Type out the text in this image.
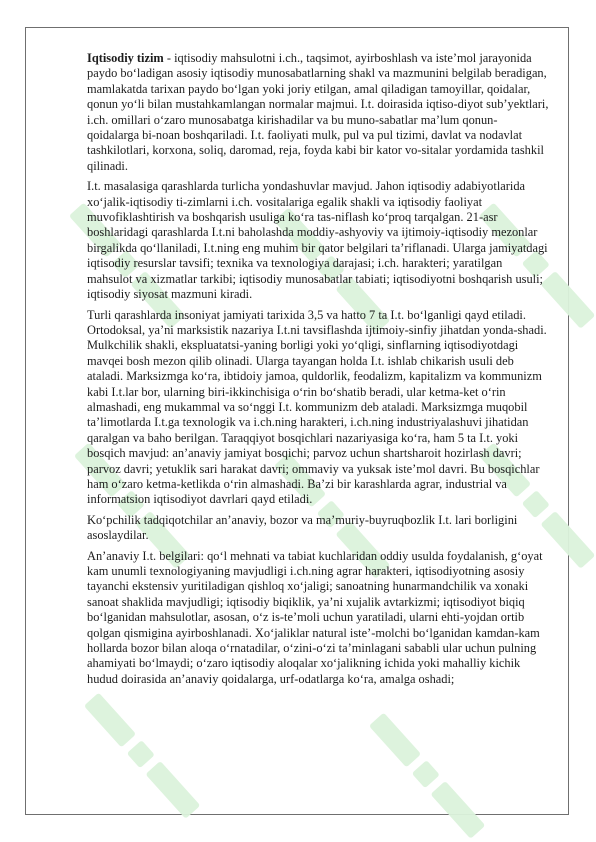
Iqtisodiy tizim - iqtisodiy mahsulotni i.ch., taqsimot, ayirboshlash va iste’mol jarayonida paydo bo‘ladigan asosiy iqtisodiy munosabatlarning shakl va mazmunini belgilab beradigan, mamlakatda tarixan paydo bo‘lgan yoki joriy etilgan, amal qiladigan tamoyillar, qoidalar, qonun yo‘li bilan mustahkamlangan normalar majmui. I.t. doirasida iqtiso-diyot sub’yektlari, i.ch. omillari o‘zaro munosabatga kirishadilar va bu muno-sabatlar ma’lum qonun-qoidalarga bi-noan boshqariladi. I.t. faoliyati mulk, pul va pul tizimi, davlat va nodavlat tashkilotlari, korxona, soliq, daromad, reja, foyda kabi bir kator vo-sitalar yordamida tashkil qilinadi.

I.t. masalasiga qarashlarda turlicha yondashuvlar mavjud. Jahon iqtisodiy adabiyotlarida xo‘jalik-iqtisodiy ti-zimlarni i.ch. vositalariga egalik shakli va iqtisodiy faoliyat muvofiklashtirish va boshqarish usuliga ko‘ra tas-niflash ko‘proq tarqalgan. 21-asr boshlaridagi qarashlarda I.t.ni baholashda moddiy-ashyoviy va ijtimoiy-iqtisodiy mezonlar birgalikda qo‘llaniladi, I.t.ning eng muhim bir qator belgilari ta’riflanadi. Ularga jamiyatdagi iqtisodiy resurslar tavsifi; texnika va texnologiya darajasi; i.ch. harakteri; yaratilgan mahsulot va xizmatlar tarkibi; iqtisodiy munosabatlar tabiati; iqtisodiyotni boshqarish usuli; iqtisodiy siyosat mazmuni kiradi.

Turli qarashlarda insoniyat jamiyati tarixida 3,5 va hatto 7 ta I.t. bo‘lganligi qayd etiladi. Ortodoksal, ya’ni marksistik nazariya I.t.ni tavsiflashda ijtimoiy-sinfiy jihatdan yonda-shadi. Mulkchilik shakli, ekspluatatsi-yaning borligi yoki yo‘qligi, sinflarning iqtisodiyotdagi mavqei bosh mezon qilib olinadi. Ularga tayangan holda I.t. ishlab chikarish usuli deb ataladi. Marksizmga ko‘ra, ibtidoiy jamoa, quldorlik, feodalizm, kapitalizm va kommunizm kabi I.t.lar bor, ularning biri-ikkinchisiga o‘rin bo‘shatib beradi, ular ketma-ket o‘rin almashadi, eng mukammal va so‘nggi I.t. kommunizm deb ataladi. Marksizmga muqobil ta’limotlarda I.t.ga texnologik va i.ch.ning harakteri, i.ch.ning industriyalashuvi jihatidan qaralgan va baho berilgan. Taraqqiyot bosqichlari nazariyasiga ko‘ra, ham 5 ta I.t. yoki bosqich mavjud: an’anaviy jamiyat bosqichi; parvoz uchun shartsharoit hozirlash davri; parvoz davri; yetuklik sari harakat davri; ommaviy va yuksak iste’mol davri. Bu bosqichlar ham o‘zaro ketma-ketlikda o‘rin almashadi. Ba’zi bir karashlarda agrar, industrial va informatsion iqtisodiyot davrlari qayd etiladi.

Ko‘pchilik tadqiqotchilar an’anaviy, bozor va ma’muriy-buyruqbozlik I.t. lari borligini asoslaydilar.

An’anaviy I.t. belgilari: qo‘l mehnati va tabiat kuchlaridan oddiy usulda foydalanish, g‘oyat kam unumli texnologiyaning mavjudligi i.ch.ning agrar harakteri, iqtisodiyotning asosiy tayanchi ekstensiv yuritiladigan qishloq xo‘jaligi; sanoatning hunarmandchilik va xonaki sanoat shaklida mavjudligi; iqtisodiy biqiklik, ya’ni xujalik avtarkizmi; iqtisodiyot biqiq bo‘lganidan mahsulotlar, asosan, o‘z is-te’moli uchun yaratiladi, ularni ehti-yojdan ortib qolgan qismigina ayirboshlanadi. Xo‘jaliklar natural iste’-molchi bo‘lganidan kamdan-kam hollarda bozor bilan aloqa o‘rnatadilar, o‘zini-o‘zi ta’minlagani sababli ular uchun pulning ahamiyati bo‘lmaydi; o‘zaro iqtisodiy aloqalar xo‘jalikning ichida yoki mahalliy kichik hudud doirasida an’anaviy qoidalarga, urf-odatlarga ko‘ra, amalga oshadi;
